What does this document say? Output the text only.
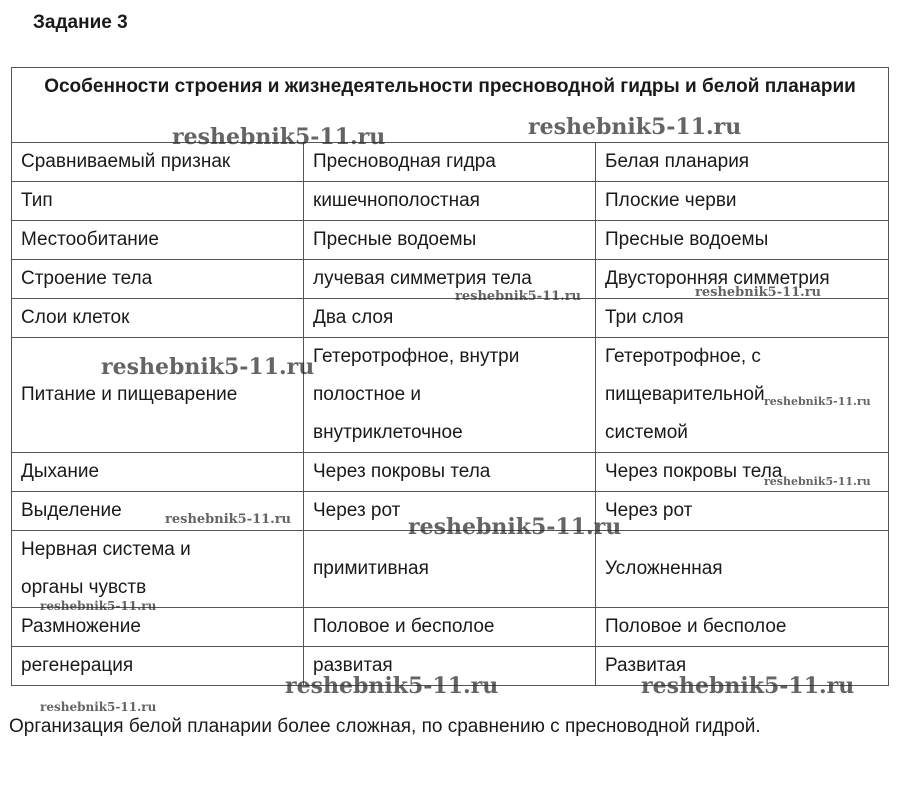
Задание 3
Особенности строения и жизнедеятельности пресноводной гидры и белой планарии		
Сравниваемый признак	Пресноводная гидра	Белая планария
Тип	кишечнополостная	Плоские черви
Местообитание	Пресные водоемы	Пресные водоемы
Строение тела	лучевая симметрия тела	Двусторонняя симметрия
Слои клеток	Два слоя	Три слоя
Питание и пищеварение	Гетеротрофное, внутри полостное и внутриклеточное	Гетеротрофное, с пищеварительной системой
Дыхание	Через покровы тела	Через покровы тела
Выделение	Через рот	Через рот
Нервная система и органы чувств	примитивная	Усложненная
Размножение	Половое и бесполое	Половое и бесполое
регенерация	развитая	Развитая
Организация белой планарии более сложная, по сравнению с пресноводной гидрой.
reshebnik5-11.ru	reshebnik5-11.ru
reshebnik5-11.ru	reshebnik5-11.ru
reshebnik5-11.ru
reshebnik5-11.ru
reshebnik5-11.ru
reshebnik5-11.ru	reshebnik5-11.ru
reshebnik5-11.ru
reshebnik5-11.ru	reshebnik5-11.ru
reshebnik5-11.ru
